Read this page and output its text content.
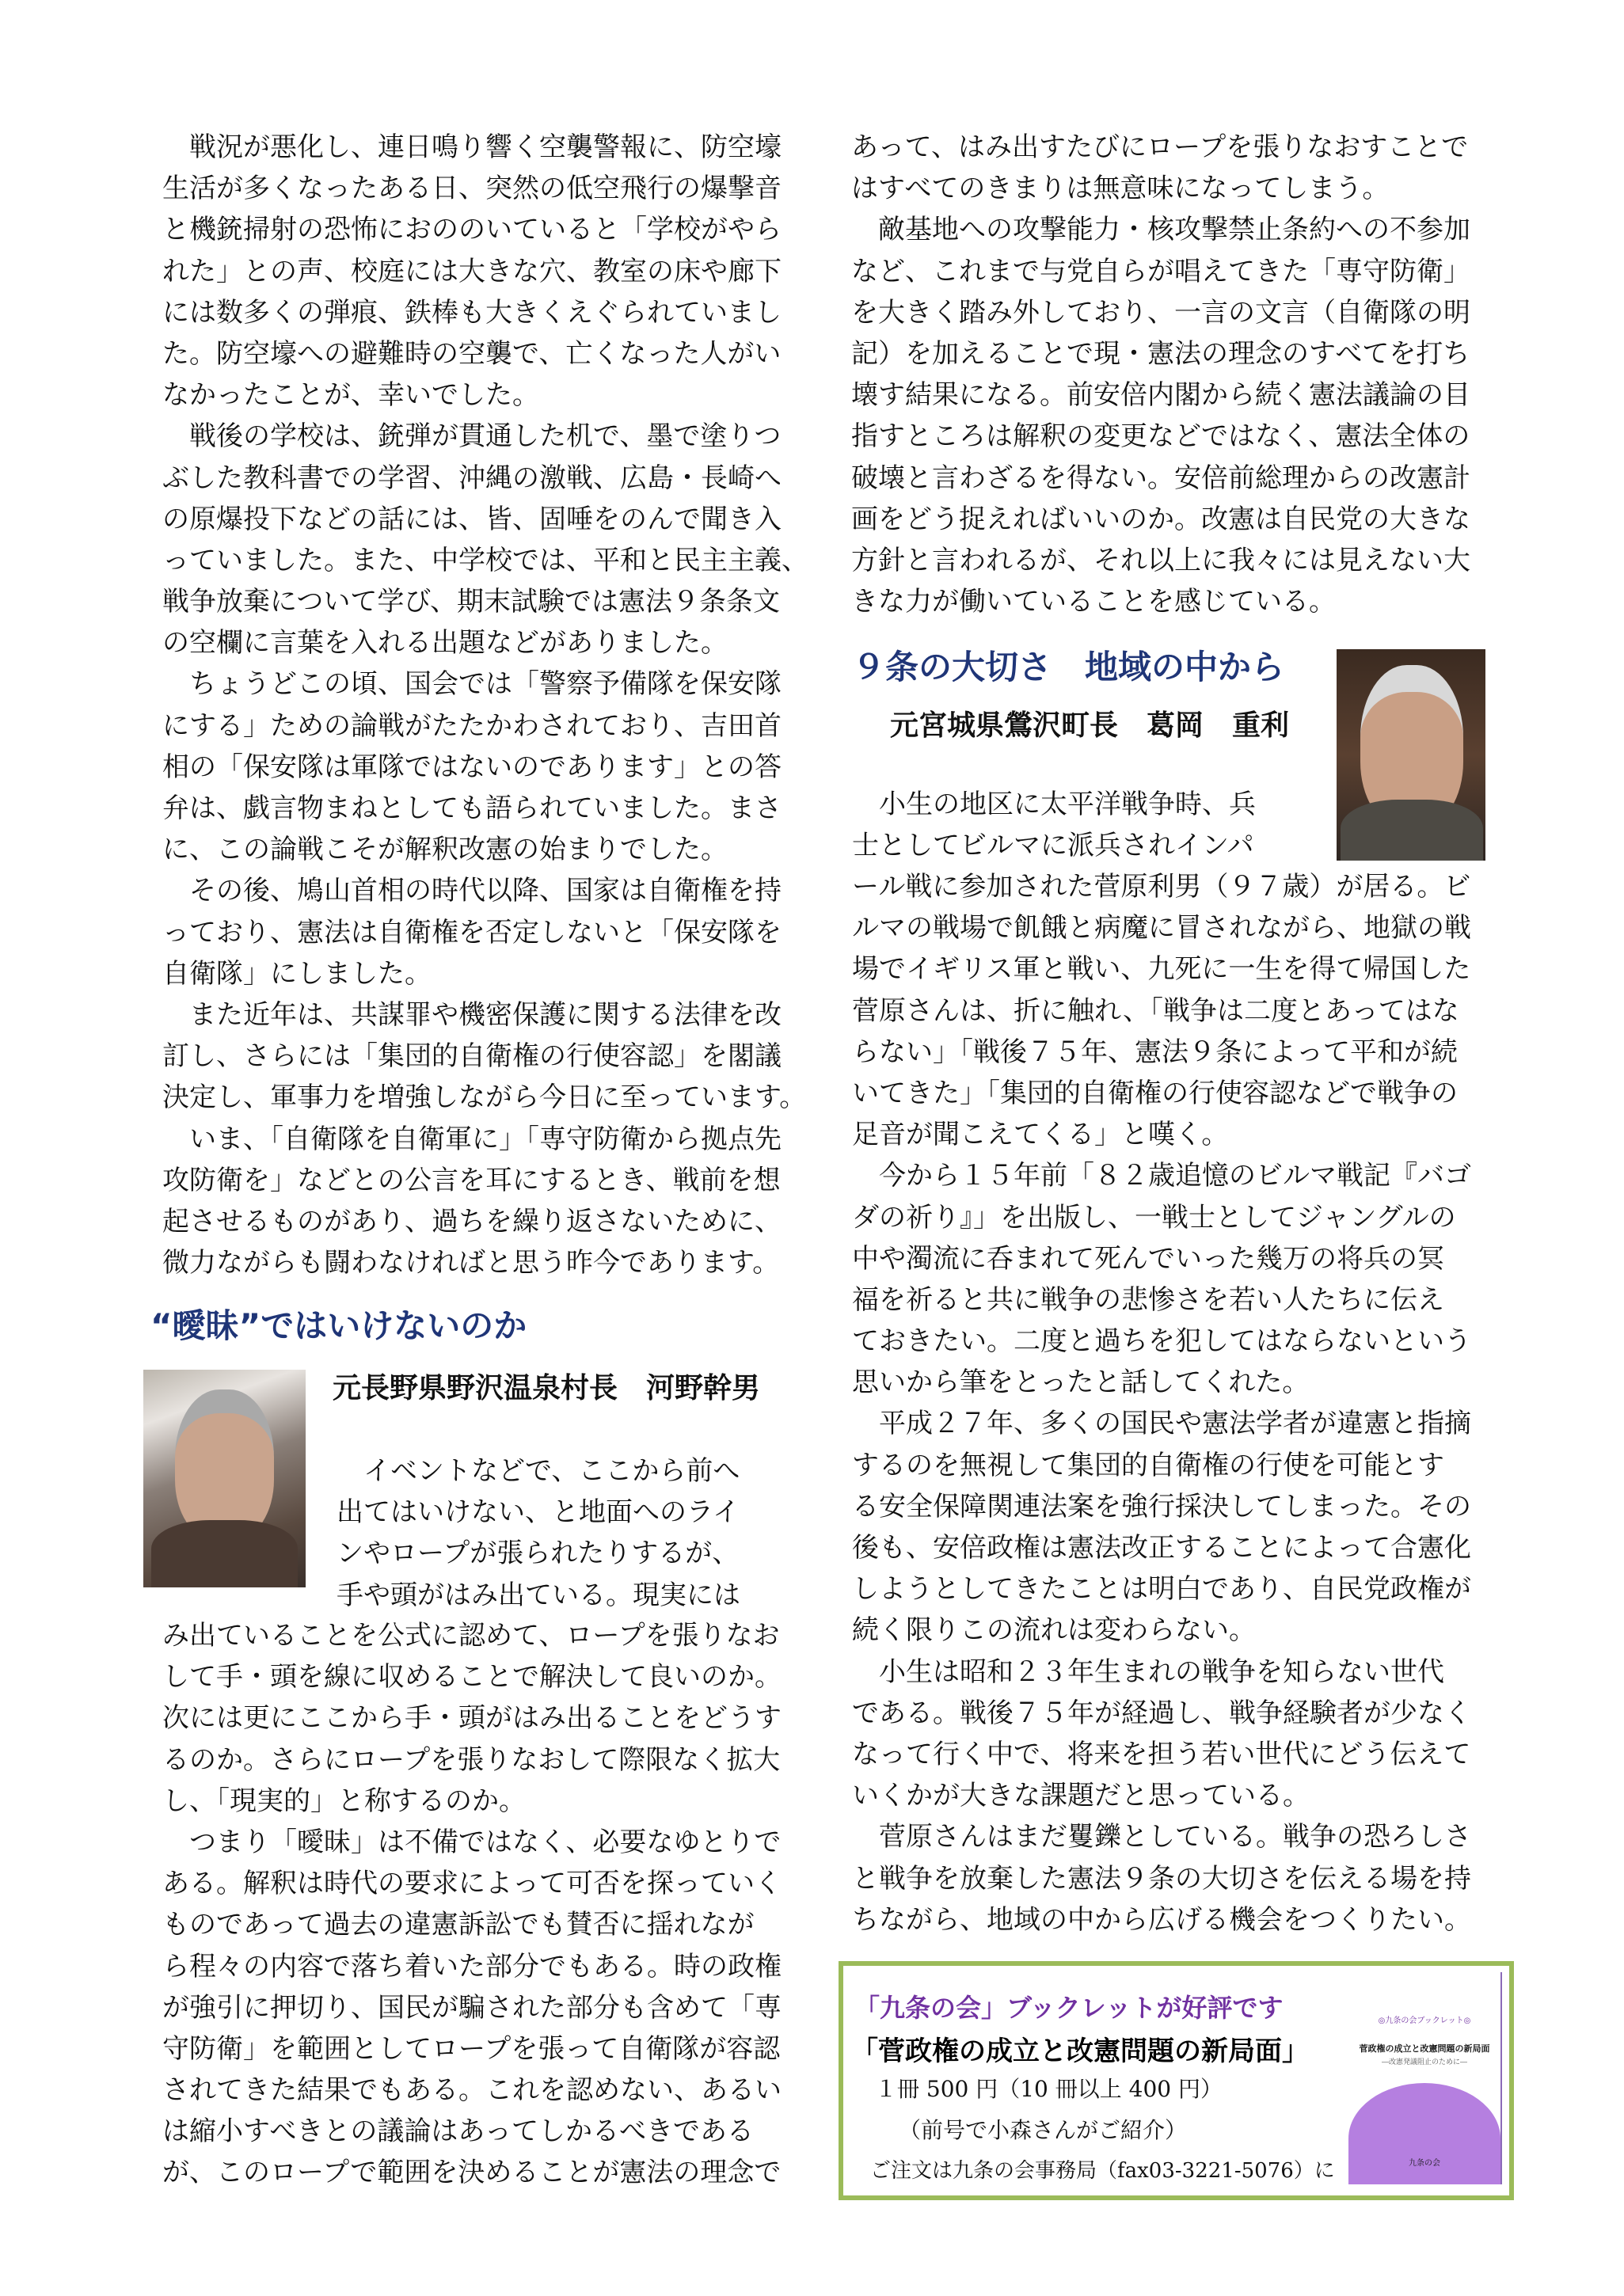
　戦況が悪化し、連日鳴り響く空襲警報に、防空壕
生活が多くなったある日、突然の低空飛行の爆撃音
と機銃掃射の恐怖におののいていると「学校がやら
れた」との声、校庭には大きな穴、教室の床や廊下
には数多くの弾痕、鉄棒も大きくえぐられていまし
た。防空壕への避難時の空襲で、亡くなった人がい
なかったことが、幸いでした。
　戦後の学校は、銃弾が貫通した机で、墨で塗りつ
ぶした教科書での学習、沖縄の激戦、広島・長崎へ
の原爆投下などの話には、皆、固唾をのんで聞き入
っていました。また、中学校では、平和と民主主義、
戦争放棄について学び、期末試験では憲法９条条文
の空欄に言葉を入れる出題などがありました。
　ちょうどこの頃、国会では「警察予備隊を保安隊
にする」ための論戦がたたかわされており、吉田首
相の「保安隊は軍隊ではないのであります」との答
弁は、戯言物まねとしても語られていました。まさ
に、この論戦こそが解釈改憲の始まりでした。
　その後、鳩山首相の時代以降、国家は自衛権を持
っており、憲法は自衛権を否定しないと「保安隊を
自衛隊」にしました。
　また近年は、共謀罪や機密保護に関する法律を改
訂し、さらには「集団的自衛権の行使容認」を閣議
決定し、軍事力を増強しながら今日に至っています。
　いま、「自衛隊を自衛軍に」「専守防衛から拠点先
攻防衛を」などとの公言を耳にするとき、戦前を想
起させるものがあり、過ちを繰り返さないために、
微力ながらも闘わなければと思う昨今であります。
“曖昧”ではいけないのか
元長野県野沢温泉村長　河野幹男
　イベントなどで、ここから前へ
出てはいけない、と地面へのライ
ンやロープが張られたりするが、
手や頭がはみ出ている。現実には
み出ていることを公式に認めて、ロープを張りなお
して手・頭を線に収めることで解決して良いのか。
次には更にここから手・頭がはみ出ることをどうす
るのか。さらにロープを張りなおして際限なく拡大
し、「現実的」と称するのか。
　つまり「曖昧」は不備ではなく、必要なゆとりで
ある。解釈は時代の要求によって可否を探っていく
ものであって過去の違憲訴訟でも賛否に揺れなが
ら程々の内容で落ち着いた部分でもある。時の政権
が強引に押切り、国民が騙された部分も含めて「専
守防衛」を範囲としてロープを張って自衛隊が容認
されてきた結果でもある。これを認めない、あるい
は縮小すべきとの議論はあってしかるべきである
が、このロープで範囲を決めることが憲法の理念で
あって、はみ出すたびにロープを張りなおすことで
はすべてのきまりは無意味になってしまう。
　敵基地への攻撃能力・核攻撃禁止条約への不参加
など、これまで与党自らが唱えてきた「専守防衛」
を大きく踏み外しており、一言の文言（自衛隊の明
記）を加えることで現・憲法の理念のすべてを打ち
壊す結果になる。前安倍内閣から続く憲法議論の目
指すところは解釈の変更などではなく、憲法全体の
破壊と言わざるを得ない。安倍前総理からの改憲計
画をどう捉えればいいのか。改憲は自民党の大きな
方針と言われるが、それ以上に我々には見えない大
きな力が働いていることを感じている。
９条の大切さ　地域の中から
元宮城県鶯沢町長　葛岡　重利
　小生の地区に太平洋戦争時、兵
士としてビルマに派兵されインパ
ール戦に参加された菅原利男（９７歳）が居る。ビ
ルマの戦場で飢餓と病魔に冒されながら、地獄の戦
場でイギリス軍と戦い、九死に一生を得て帰国した
菅原さんは、折に触れ、「戦争は二度とあってはな
らない」「戦後７５年、憲法９条によって平和が続
いてきた」「集団的自衛権の行使容認などで戦争の
足音が聞こえてくる」と嘆く。
　今から１５年前「８２歳追憶のビルマ戦記『バゴ
ダの祈り』」を出版し、一戦士としてジャングルの
中や濁流に呑まれて死んでいった幾万の将兵の冥
福を祈ると共に戦争の悲惨さを若い人たちに伝え
ておきたい。二度と過ちを犯してはならないという
思いから筆をとったと話してくれた。
　平成２７年、多くの国民や憲法学者が違憲と指摘
するのを無視して集団的自衛権の行使を可能とす
る安全保障関連法案を強行採決してしまった。その
後も、安倍政権は憲法改正することによって合憲化
しようとしてきたことは明白であり、自民党政権が
続く限りこの流れは変わらない。
　小生は昭和２３年生まれの戦争を知らない世代
である。戦後７５年が経過し、戦争経験者が少なく
なって行く中で、将来を担う若い世代にどう伝えて
いくかが大きな課題だと思っている。
　菅原さんはまだ矍鑠としている。戦争の恐ろしさ
と戦争を放棄した憲法９条の大切さを伝える場を持
ちながら、地域の中から広げる機会をつくりたい。
「九条の会」ブックレットが好評です
「菅政権の成立と改憲問題の新局面」
１冊 500 円（10 冊以上 400 円）
（前号で小森さんがご紹介）
ご注文は九条の会事務局（fax03-3221-5076）に
◎九条の会ブックレット◎
菅政権の成立と改憲問題の新局面
―改憲発議阻止のために―
九条の会
